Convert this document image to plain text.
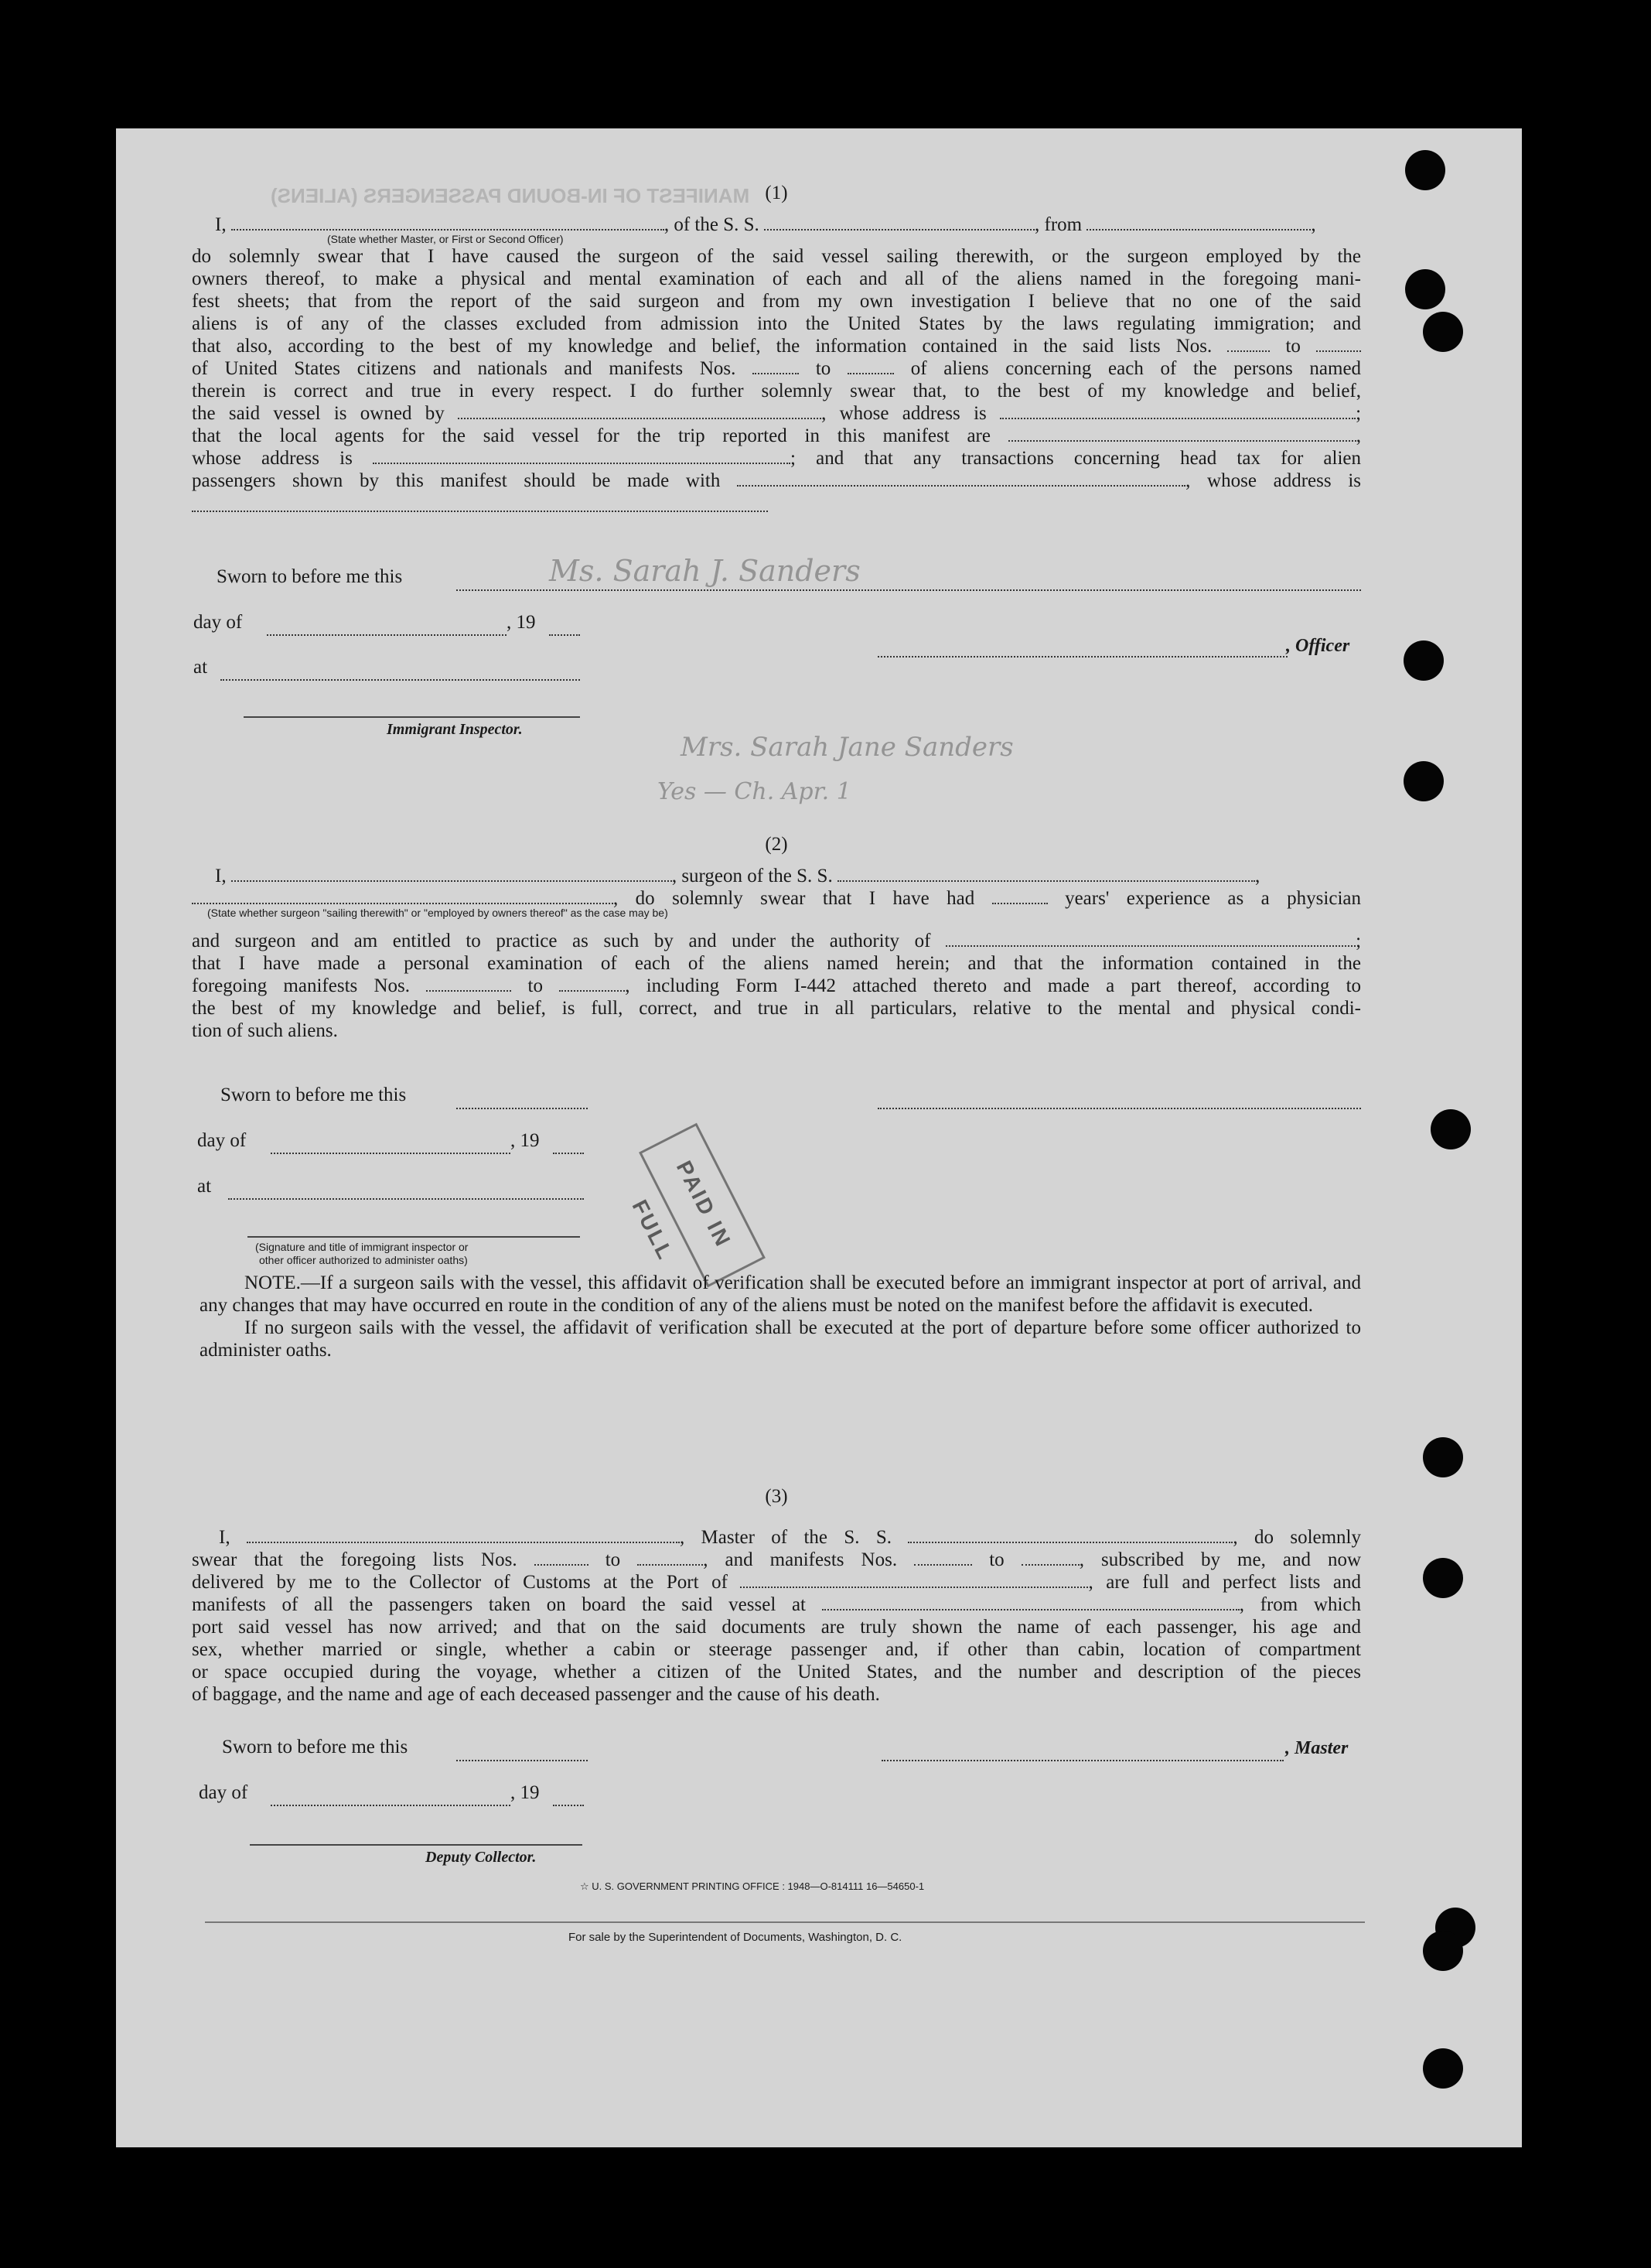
MANIFEST OF IN-BOUND PASSENGERS (ALIENS)
Ms. Sarah J. Sanders
Mrs. Sarah Jane Sanders
Yes — Ch. Apr. 1

(1)

I,	, of the S. S.	, from	,
(State whether Master, or First or Second Officer)
do solemnly swear that I have caused the surgeon of the said vessel sailing therewith, or the surgeon employed by the
owners thereof, to make a physical and mental examination of each and all of the aliens named in the foregoing mani-
fest sheets; that from the report of the said surgeon and from my own investigation I believe that no one of the said
aliens is of any of the classes excluded from admission into the United States by the laws regulating immigration; and
that also, according to the best of my knowledge and belief, the information contained in the said lists Nos.	to
of United States citizens and nationals and manifests Nos.	to	of aliens concerning each of the persons named
therein is correct and true in every respect. I do further solemnly swear that, to the best of my knowledge and belief,
the said vessel is owned by	, whose address is	;
that the local agents for the said vessel for the trip reported in this manifest are	,
whose address is	; and that any transactions concerning head tax for alien
passengers shown by this manifest should be made with	, whose address is
Sworn to before me this
day of	, 19
, Officer
at
Immigrant Inspector.

(2)

I,	, surgeon of the S. S.	,
, do solemnly swear that I have had	years' experience as a physician
(State whether surgeon "sailing therewith" or "employed by owners thereof" as the case may be)
and surgeon and am entitled to practice as such by and under the authority of	;
that I have made a personal examination of each of the aliens named herein; and that the information contained in the
foregoing manifests Nos.	to	, including Form I-442 attached thereto and made a part thereof, according to
the best of my knowledge and belief, is full, correct, and true in all particulars, relative to the mental and physical condi-
tion of such aliens.
Sworn to before me this
day of	, 19
at
(Signature and title of immigrant inspector or
other officer authorized to administer oaths)
PAID IN FULL
NOTE.—If a surgeon sails with the vessel, this affidavit of verification shall be executed before an immigrant inspector at port of arrival, and any changes that may have occurred en route in the condition of any of the aliens must be noted on the manifest before the affidavit is executed.
If no surgeon sails with the vessel, the affidavit of verification shall be executed at the port of departure before some officer authorized to administer oaths.

(3)

I,	, Master of the S. S.	, do solemnly
swear that the foregoing lists Nos.	to	, and manifests Nos.	to	, subscribed by me, and now
delivered by me to the Collector of Customs at the Port of	, are full and perfect lists and
manifests of all the passengers taken on board the said vessel at	, from which
port said vessel has now arrived; and that on the said documents are truly shown the name of each passenger, his age and
sex, whether married or single, whether a cabin or steerage passenger and, if other than cabin, location of compartment
or space occupied during the voyage, whether a citizen of the United States, and the number and description of the pieces
of baggage, and the name and age of each deceased passenger and the cause of his death.
Sworn to before me this	, Master
day of	, 19
Deputy Collector.
☆ U. S. GOVERNMENT PRINTING OFFICE : 1948—O-814111 16—54650-1
For sale by the Superintendent of Documents, Washington, D. C.
